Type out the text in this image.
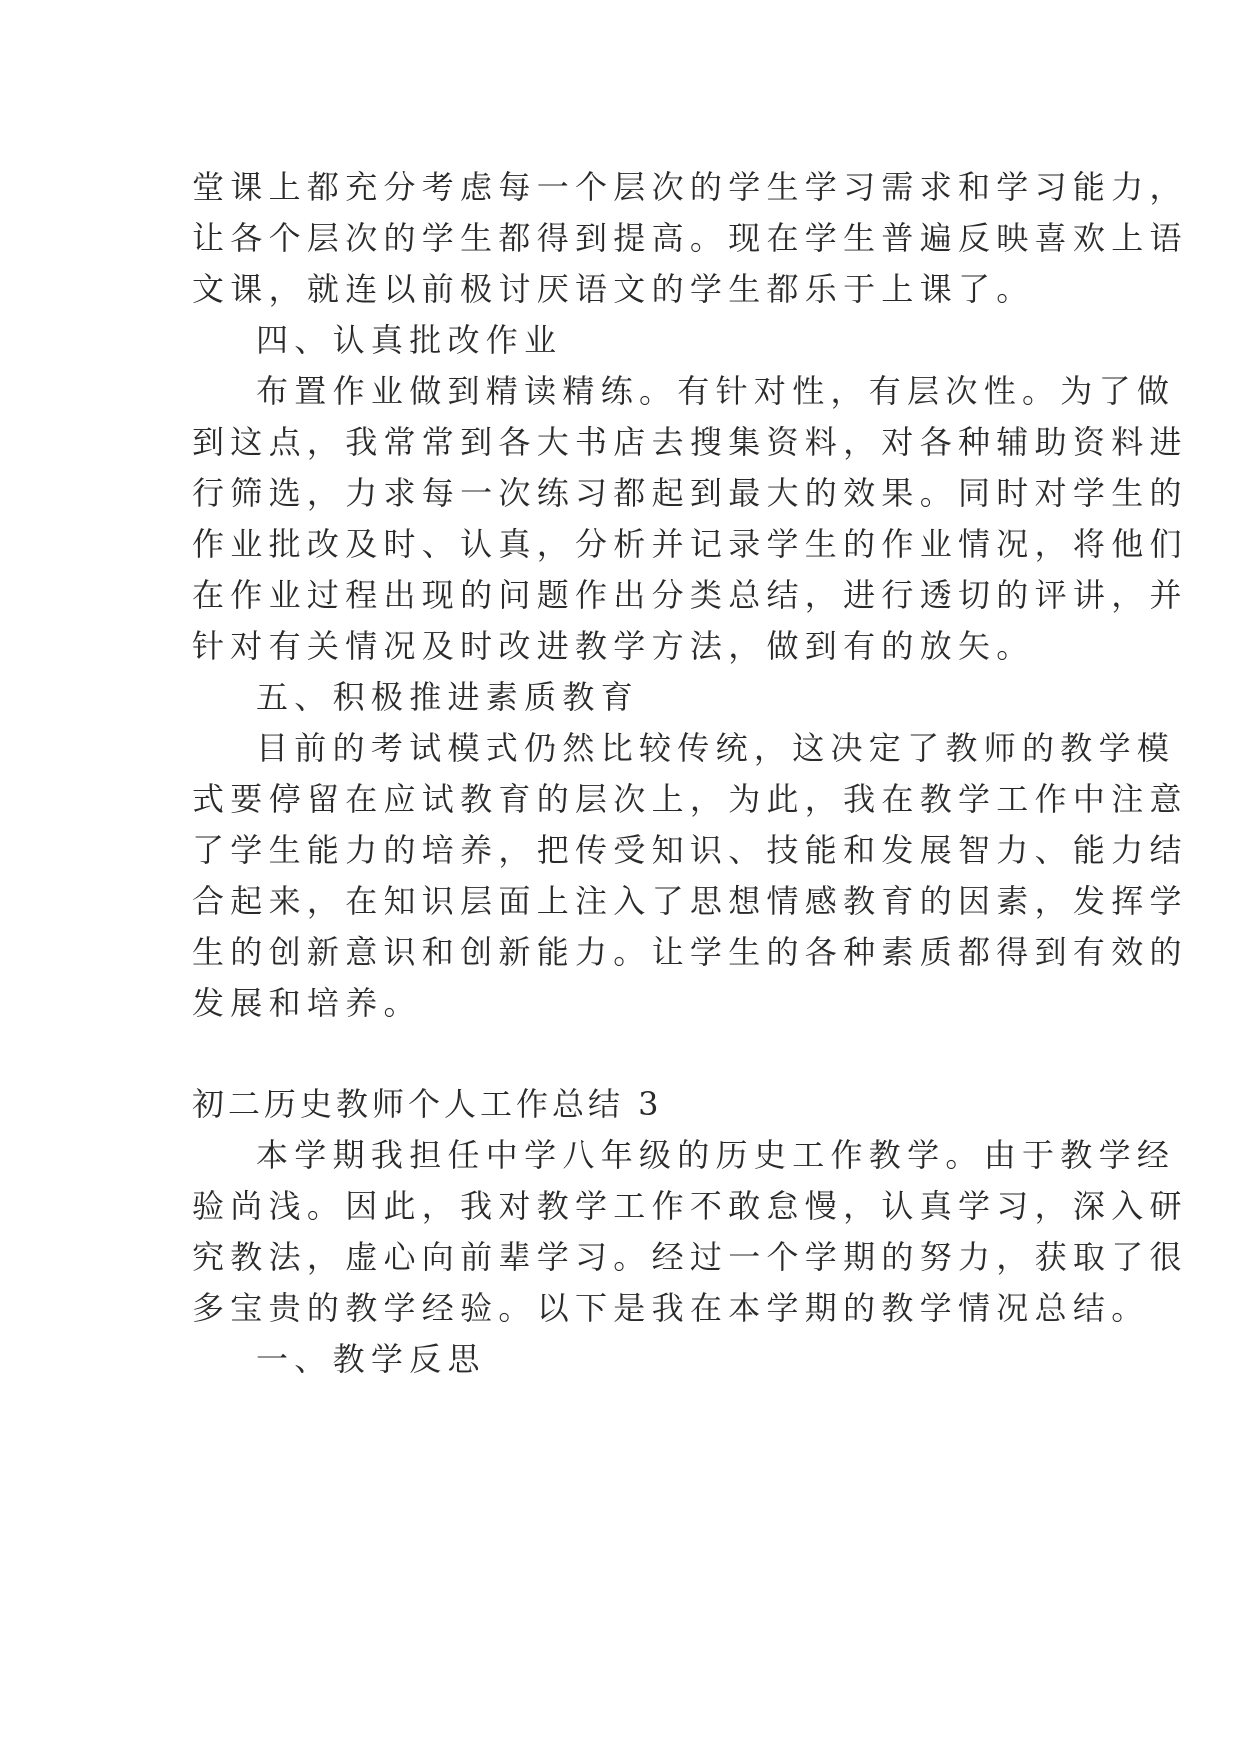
堂课上都充分考虑每一个层次的学生学习需求和学习能力，
让各个层次的学生都得到提高。现在学生普遍反映喜欢上语
文课，就连以前极讨厌语文的学生都乐于上课了。
四、认真批改作业
布置作业做到精读精练。有针对性，有层次性。为了做
到这点，我常常到各大书店去搜集资料，对各种辅助资料进
行筛选，力求每一次练习都起到最大的效果。同时对学生的
作业批改及时、认真，分析并记录学生的作业情况，将他们
在作业过程出现的问题作出分类总结，进行透切的评讲，并
针对有关情况及时改进教学方法，做到有的放矢。
五、积极推进素质教育
目前的考试模式仍然比较传统，这决定了教师的教学模
式要停留在应试教育的层次上，为此，我在教学工作中注意
了学生能力的培养，把传受知识、技能和发展智力、能力结
合起来，在知识层面上注入了思想情感教育的因素，发挥学
生的创新意识和创新能力。让学生的各种素质都得到有效的
发展和培养。
初二历史教师个人工作总结 3
本学期我担任中学八年级的历史工作教学。由于教学经
验尚浅。因此，我对教学工作不敢怠慢，认真学习，深入研
究教法，虚心向前辈学习。经过一个学期的努力，获取了很
多宝贵的教学经验。以下是我在本学期的教学情况总结。
一、教学反思
